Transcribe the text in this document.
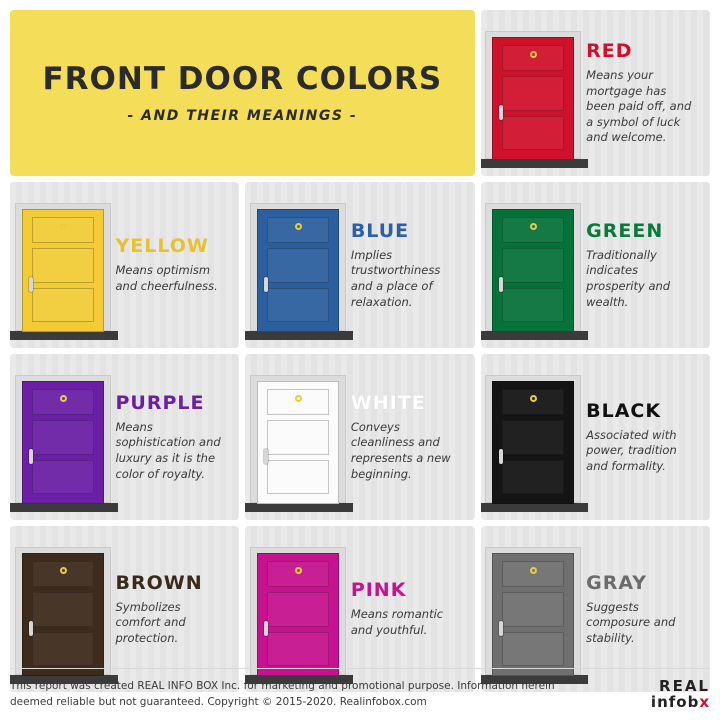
FRONT DOOR COLORS
- AND THEIR MEANINGS -
RED
Means your mortgage has been paid off, and a symbol of luck and welcome.
YELLOW
Means optimism and cheerfulness.
BLUE
Implies trustworthiness and a place of relaxation.
GREEN
Traditionally indicates prosperity and wealth.
PURPLE
Means sophistication and luxury as it is the color of royalty.
WHITE
Conveys cleanliness and represents a new beginning.
BLACK
Associated with power, tradition and formality.
BROWN
Symbolizes comfort and protection.
PINK
Means romantic and youthful.
GRAY
Suggests composure and stability.
This report was created REAL INFO BOX Inc. for marketing and promotional purpose. Information herein deemed reliable but not guaranteed. Copyright © 2015-2020. Realinfobox.com
REAL
infobx
